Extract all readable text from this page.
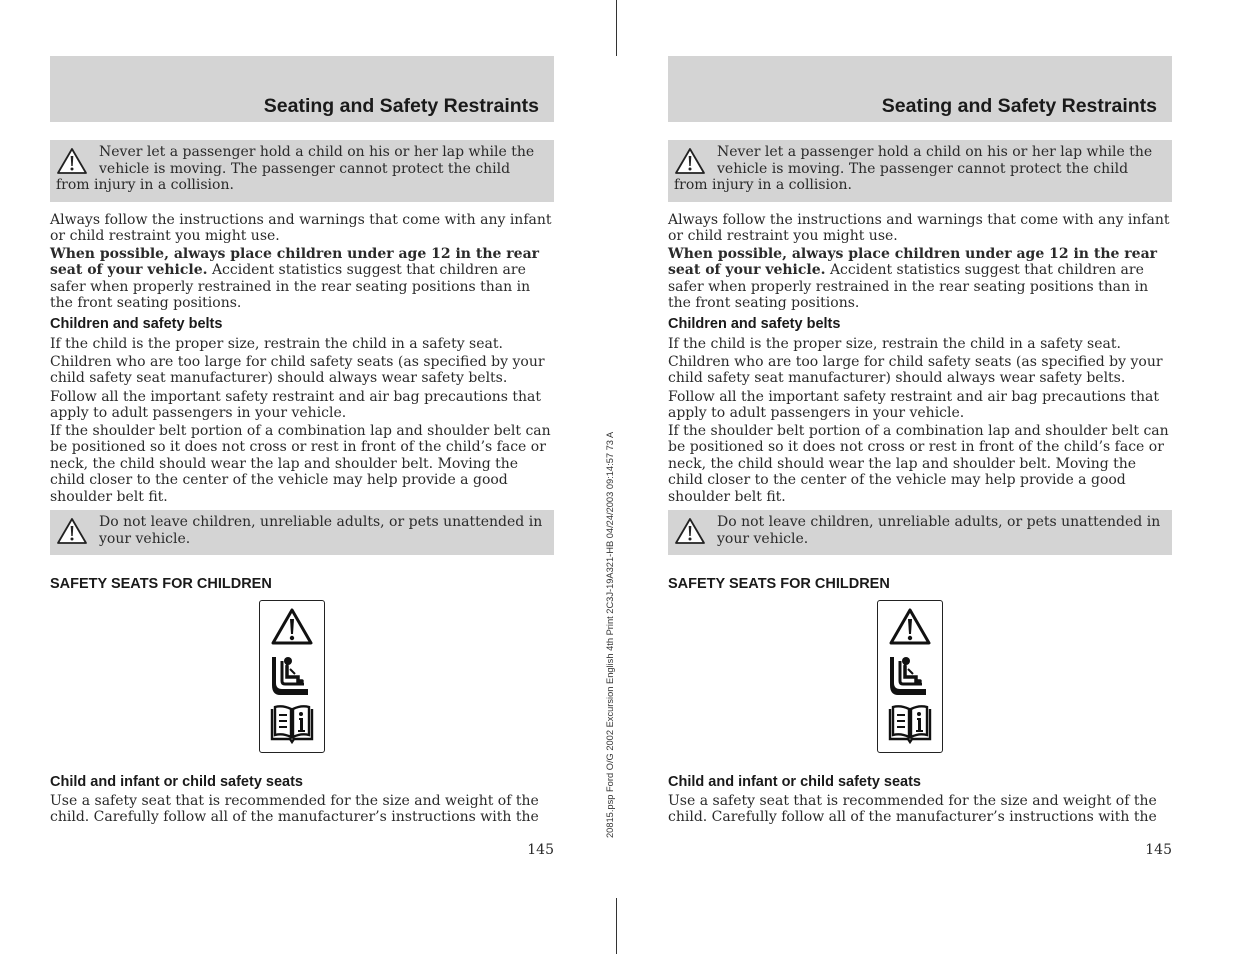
Seating and Safety Restraints
Never let a passenger hold a child on his or her lap while the vehicle is moving. The passenger cannot protect the child from injury in a collision.
Always follow the instructions and warnings that come with any infant or child restraint you might use.
When possible, always place children under age 12 in the rear seat of your vehicle. Accident statistics suggest that children are safer when properly restrained in the rear seating positions than in the front seating positions.
Children and safety belts
If the child is the proper size, restrain the child in a safety seat.
Children who are too large for child safety seats (as specified by your child safety seat manufacturer) should always wear safety belts.
Follow all the important safety restraint and air bag precautions that apply to adult passengers in your vehicle.
If the shoulder belt portion of a combination lap and shoulder belt can be positioned so it does not cross or rest in front of the child’s face or neck, the child should wear the lap and shoulder belt. Moving the child closer to the center of the vehicle may help provide a good shoulder belt fit.
Do not leave children, unreliable adults, or pets unattended in your vehicle.
SAFETY SEATS FOR CHILDREN
Child and infant or child safety seats
Use a safety seat that is recommended for the size and weight of the child. Carefully follow all of the manufacturer’s instructions with the
145
Seating and Safety Restraints
Never let a passenger hold a child on his or her lap while the vehicle is moving. The passenger cannot protect the child from injury in a collision.
Always follow the instructions and warnings that come with any infant or child restraint you might use.
When possible, always place children under age 12 in the rear seat of your vehicle. Accident statistics suggest that children are safer when properly restrained in the rear seating positions than in the front seating positions.
Children and safety belts
If the child is the proper size, restrain the child in a safety seat.
Children who are too large for child safety seats (as specified by your child safety seat manufacturer) should always wear safety belts.
Follow all the important safety restraint and air bag precautions that apply to adult passengers in your vehicle.
If the shoulder belt portion of a combination lap and shoulder belt can be positioned so it does not cross or rest in front of the child’s face or neck, the child should wear the lap and shoulder belt. Moving the child closer to the center of the vehicle may help provide a good shoulder belt fit.
Do not leave children, unreliable adults, or pets unattended in your vehicle.
SAFETY SEATS FOR CHILDREN
Child and infant or child safety seats
Use a safety seat that is recommended for the size and weight of the child. Carefully follow all of the manufacturer’s instructions with the
145
20815.psp Ford O/G 2002 Excursion English 4th Print 2C3J-19A321-HB 04/24/2003 09:14:57 73 A
